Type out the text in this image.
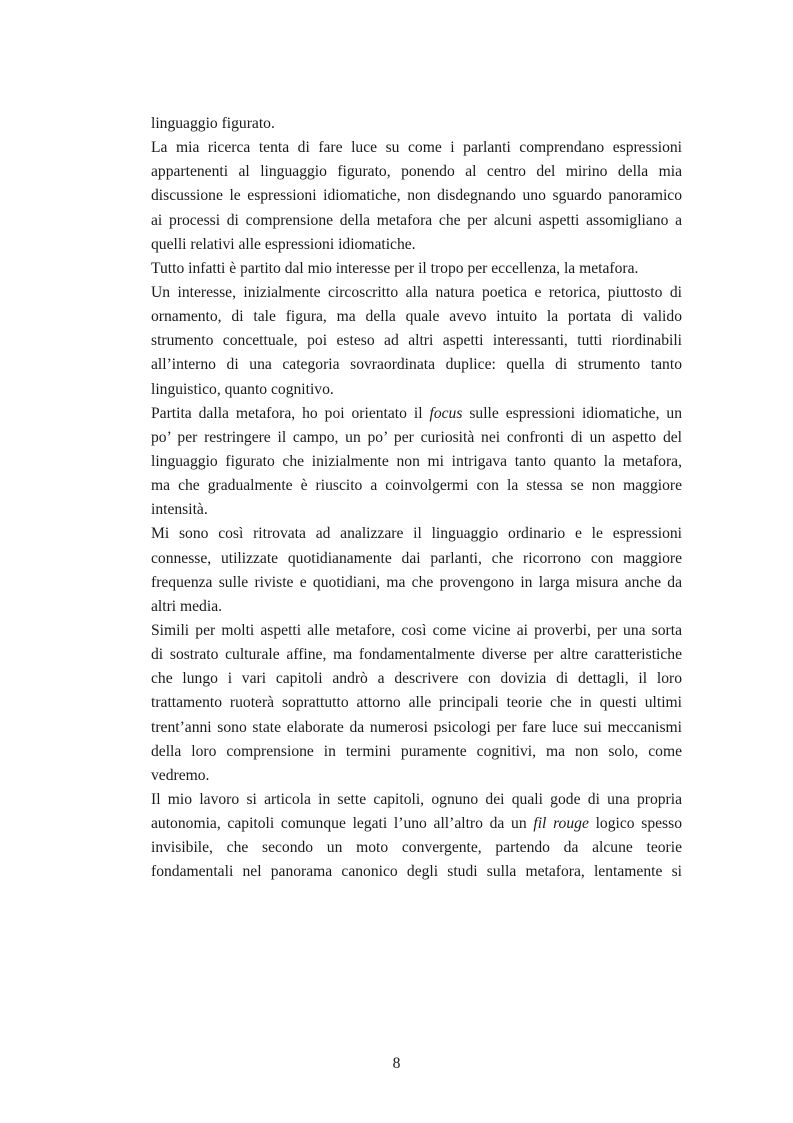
linguaggio figurato.
La mia ricerca tenta di fare luce su come i parlanti comprendano espressioni
appartenenti al linguaggio figurato, ponendo al centro del mirino della mia
discussione le espressioni idiomatiche, non disdegnando uno sguardo panoramico
ai processi di comprensione della metafora che per alcuni aspetti assomigliano a
quelli relativi alle espressioni idiomatiche.
Tutto infatti è partito dal mio interesse per il tropo per eccellenza, la metafora.
Un interesse, inizialmente circoscritto alla natura poetica e retorica, piuttosto di
ornamento, di tale figura, ma della quale avevo intuito la portata di valido
strumento concettuale, poi esteso ad altri aspetti interessanti, tutti riordinabili
all’interno di una categoria sovraordinata duplice: quella di strumento tanto
linguistico, quanto cognitivo.
Partita dalla metafora, ho poi orientato il focus sulle espressioni idiomatiche, un
po’ per restringere il campo, un po’ per curiosità nei confronti di un aspetto del
linguaggio figurato che inizialmente non mi intrigava tanto quanto la metafora,
ma che gradualmente è riuscito a coinvolgermi con la stessa se non maggiore
intensità.
Mi sono così ritrovata ad analizzare il linguaggio ordinario e le espressioni
connesse, utilizzate quotidianamente dai parlanti, che ricorrono con maggiore
frequenza sulle riviste e quotidiani, ma che provengono in larga misura anche da
altri media.
Simili per molti aspetti alle metafore, così come vicine ai proverbi, per una sorta
di sostrato culturale affine, ma fondamentalmente diverse per altre caratteristiche
che lungo i vari capitoli andrò a descrivere con dovizia di dettagli, il loro
trattamento ruoterà soprattutto attorno alle principali teorie che in questi ultimi
trent’anni sono state elaborate da numerosi psicologi per fare luce sui meccanismi
della loro comprensione in termini puramente cognitivi, ma non solo, come
vedremo.
Il mio lavoro si articola in sette capitoli, ognuno dei quali gode di una propria
autonomia, capitoli comunque legati l’uno all’altro da un fil rouge logico spesso
invisibile, che secondo un moto convergente, partendo da alcune teorie
fondamentali nel panorama canonico degli studi sulla metafora, lentamente si
8
